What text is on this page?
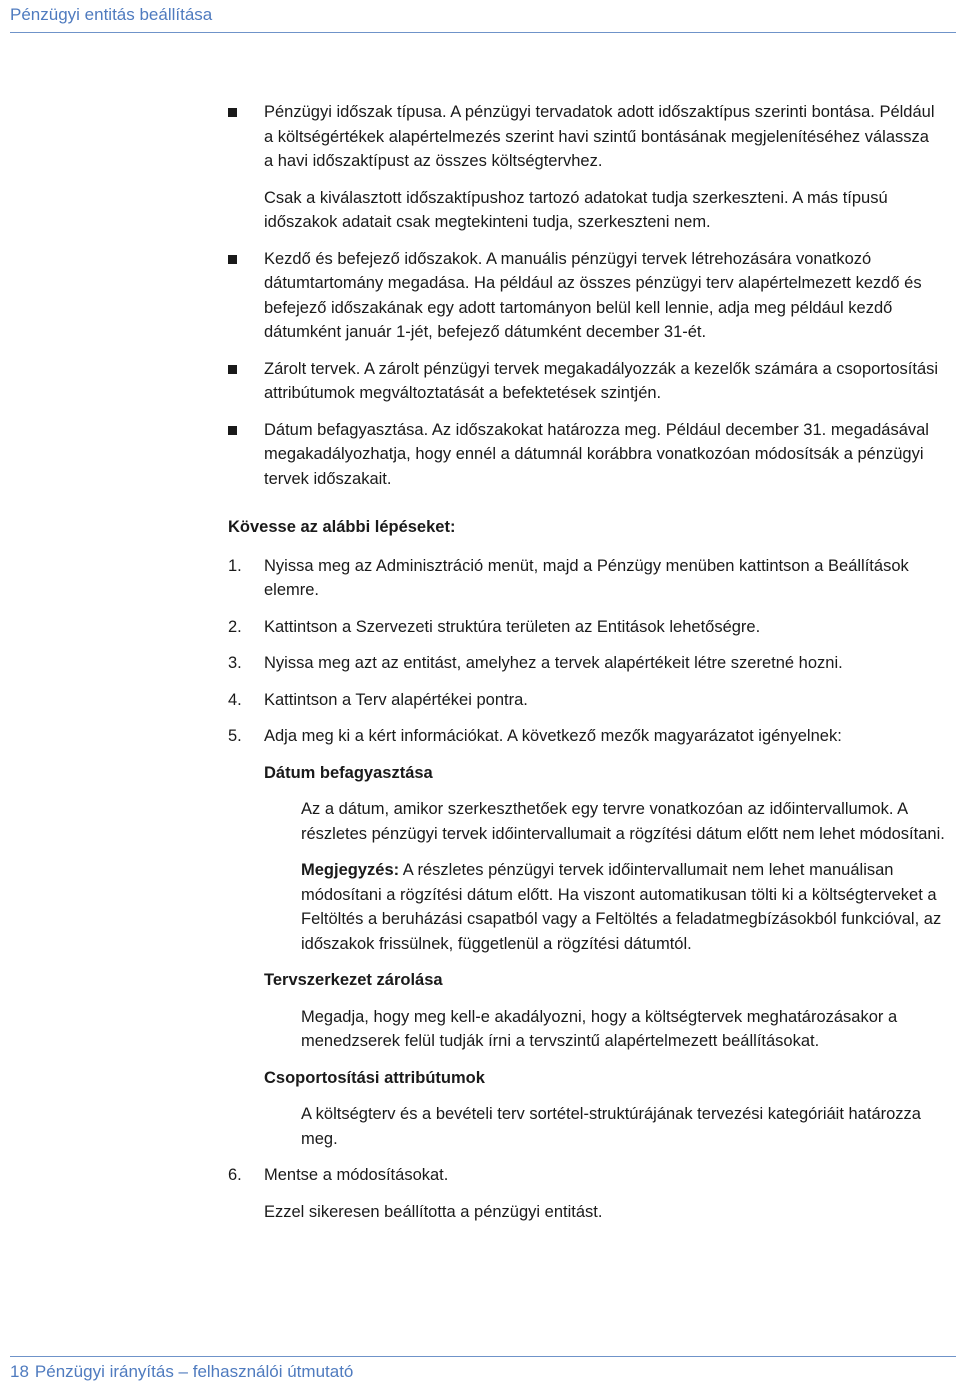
Pénzügyi entitás beállítása
Pénzügyi időszak típusa. A pénzügyi tervadatok adott időszaktípus szerinti bontása. Például a költségértékek alapértelmezés szerint havi szintű bontásának megjelenítéséhez válassza a havi időszaktípust az összes költségtervhez.
Csak a kiválasztott időszaktípushoz tartozó adatokat tudja szerkeszteni. A más típusú időszakok adatait csak megtekinteni tudja, szerkeszteni nem.
Kezdő és befejező időszakok. A manuális pénzügyi tervek létrehozására vonatkozó dátumtartomány megadása. Ha például az összes pénzügyi terv alapértelmezett kezdő és befejező időszakának egy adott tartományon belül kell lennie, adja meg például kezdő dátumként január 1-jét, befejező dátumként december 31-ét.
Zárolt tervek. A zárolt pénzügyi tervek megakadályozzák a kezelők számára a csoportosítási attribútumok megváltoztatását a befektetések szintjén.
Dátum befagyasztása. Az időszakokat határozza meg. Például december 31. megadásával megakadályozhatja, hogy ennél a dátumnál korábbra vonatkozóan módosítsák a pénzügyi tervek időszakait.
Kövesse az alábbi lépéseket:
1. Nyissa meg az Adminisztráció menüt, majd a Pénzügy menüben kattintson a Beállítások elemre.
2. Kattintson a Szervezeti struktúra területen az Entitások lehetőségre.
3. Nyissa meg azt az entitást, amelyhez a tervek alapértékeit létre szeretné hozni.
4. Kattintson a Terv alapértékei pontra.
5. Adja meg ki a kért információkat. A következő mezők magyarázatot igényelnek:
Dátum befagyasztása
Az a dátum, amikor szerkeszthetőek egy tervre vonatkozóan az időintervallumok. A részletes pénzügyi tervek időintervallumait a rögzítési dátum előtt nem lehet módosítani.
Megjegyzés: A részletes pénzügyi tervek időintervallumait nem lehet manuálisan módosítani a rögzítési dátum előtt. Ha viszont automatikusan tölti ki a költségterveket a Feltöltés a beruházási csapatból vagy a Feltöltés a feladatmegbízásokból funkcióval, az időszakok frissülnek, függetlenül a rögzítési dátumtól.
Tervszerkezet zárolása
Megadja, hogy meg kell-e akadályozni, hogy a költségtervek meghatározásakor a menedzserek felül tudják írni a tervszintű alapértelmezett beállításokat.
Csoportosítási attribútumok
A költségterv és a bevételi terv sortétel-struktúrájának tervezési kategóriáit határozza meg.
6. Mentse a módosításokat.
Ezzel sikeresen beállította a pénzügyi entitást.
18 Pénzügyi irányítás – felhasználói útmutató
